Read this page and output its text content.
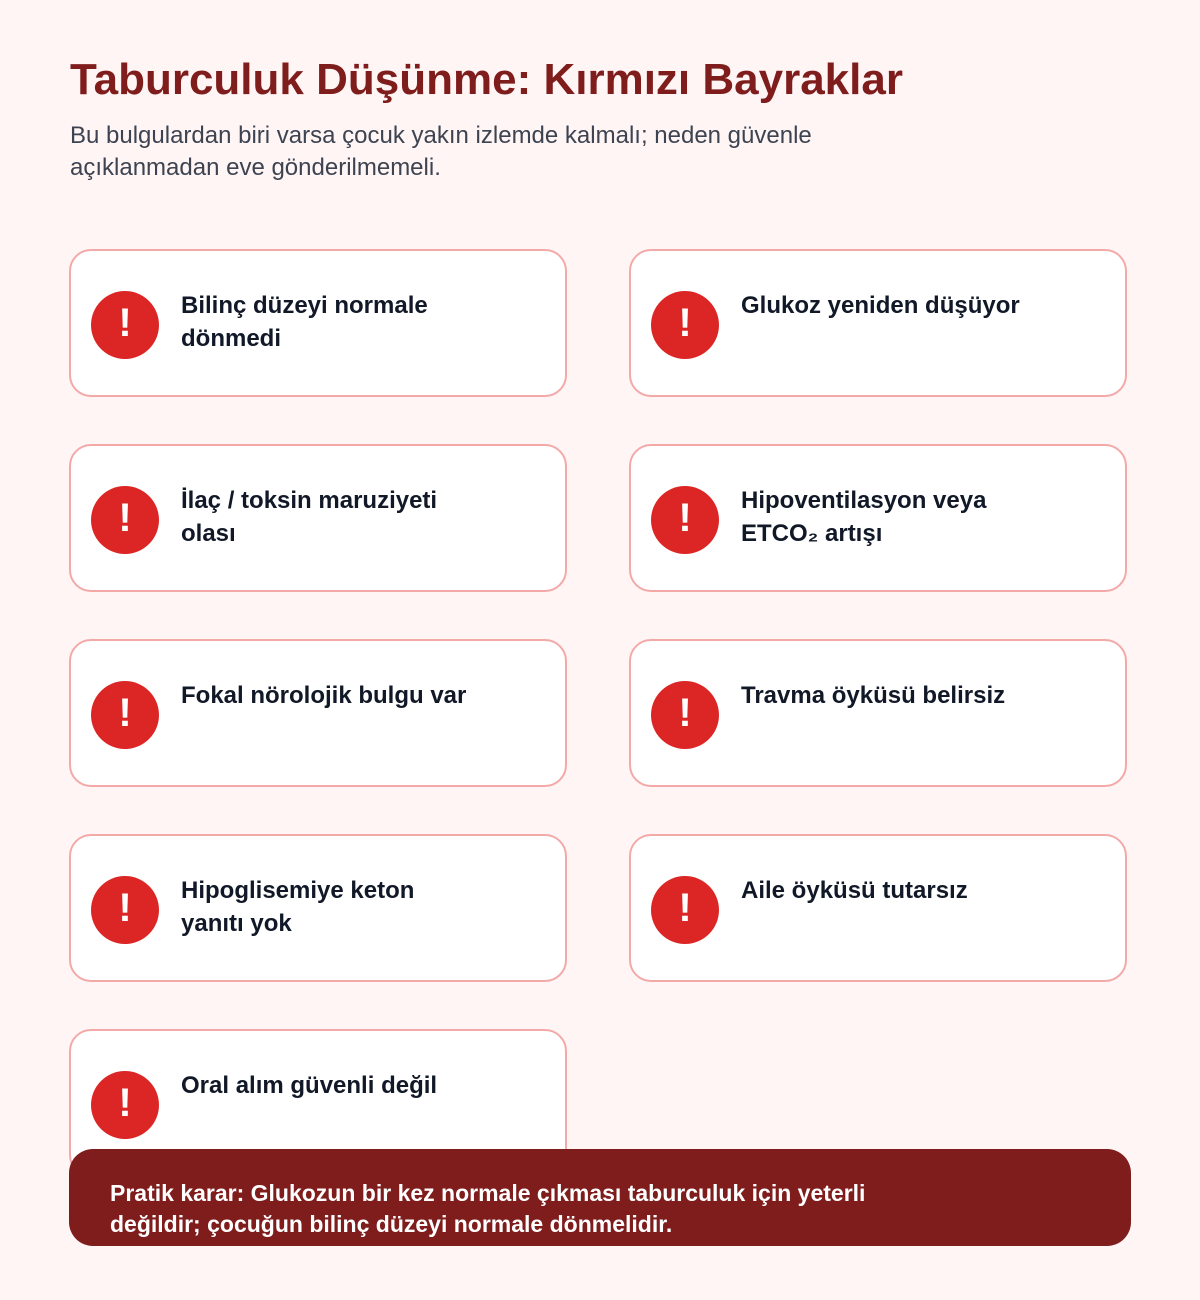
Taburculuk Düşünme: Kırmızı Bayraklar

Bu bulgulardan biri varsa çocuk yakın izlemde kalmalı; neden güvenle açıklanmadan eve gönderilmemeli.

!	Bilinç düzeyi normale dönmedi	!	Glukoz yeniden düşüyor
!	İlaç / toksin maruziyeti olası	!	Hipoventilasyon veya ETCO₂ artışı
!	Fokal nörolojik bulgu var	!	Travma öyküsü belirsiz
!	Hipoglisemiye keton yanıtı yok	!	Aile öyküsü tutarsız
!	Oral alım güvenli değil
Pratik karar: Glukozun bir kez normale çıkması taburculuk için yeterli değildir; çocuğun bilinç düzeyi normale dönmelidir.
